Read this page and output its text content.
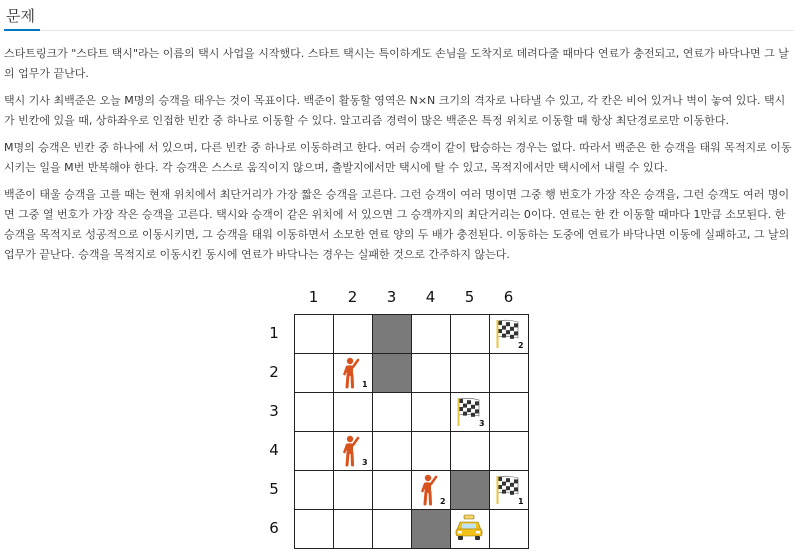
문제

스타트링크가 "스타트 택시"라는 이름의 택시 사업을 시작했다. 스타트 택시는 특이하게도 손님을 도착지로 데려다줄 때마다 연료가 충전되고, 연료가 바닥나면 그 날의 업무가 끝난다.

택시 기사 최백준은 오늘 M명의 승객을 태우는 것이 목표이다. 백준이 활동할 영역은 N×N 크기의 격자로 나타낼 수 있고, 각 칸은 비어 있거나 벽이 놓여 있다. 택시가 빈칸에 있을 때, 상하좌우로 인접한 빈칸 중 하나로 이동할 수 있다. 알고리즘 경력이 많은 백준은 특정 위치로 이동할 때 항상 최단경로로만 이동한다.

M명의 승객은 빈칸 중 하나에 서 있으며, 다른 빈칸 중 하나로 이동하려고 한다. 여러 승객이 같이 탑승하는 경우는 없다. 따라서 백준은 한 승객을 태워 목적지로 이동시키는 일을 M번 반복해야 한다. 각 승객은 스스로 움직이지 않으며, 출발지에서만 택시에 탈 수 있고, 목적지에서만 택시에서 내릴 수 있다.

백준이 태울 승객을 고를 때는 현재 위치에서 최단거리가 가장 짧은 승객을 고른다. 그런 승객이 여러 명이면 그중 행 번호가 가장 작은 승객을, 그런 승객도 여러 명이면 그중 열 번호가 가장 작은 승객을 고른다. 택시와 승객이 같은 위치에 서 있으면 그 승객까지의 최단거리는 0이다. 연료는 한 칸 이동할 때마다 1만큼 소모된다. 한 승객을 목적지로 성공적으로 이동시키면, 그 승객을 태워 이동하면서 소모한 연료 양의 두 배가 충전된다. 이동하는 도중에 연료가 바닥나면 이동에 실패하고, 그 날의 업무가 끝난다. 승객을 목적지로 이동시킨 동시에 연료가 바닥나는 경우는 실패한 것으로 간주하지 않는다.

1	2	3	4	5	6
1
2
3
4
5
6
1
2
3
1
2
3
